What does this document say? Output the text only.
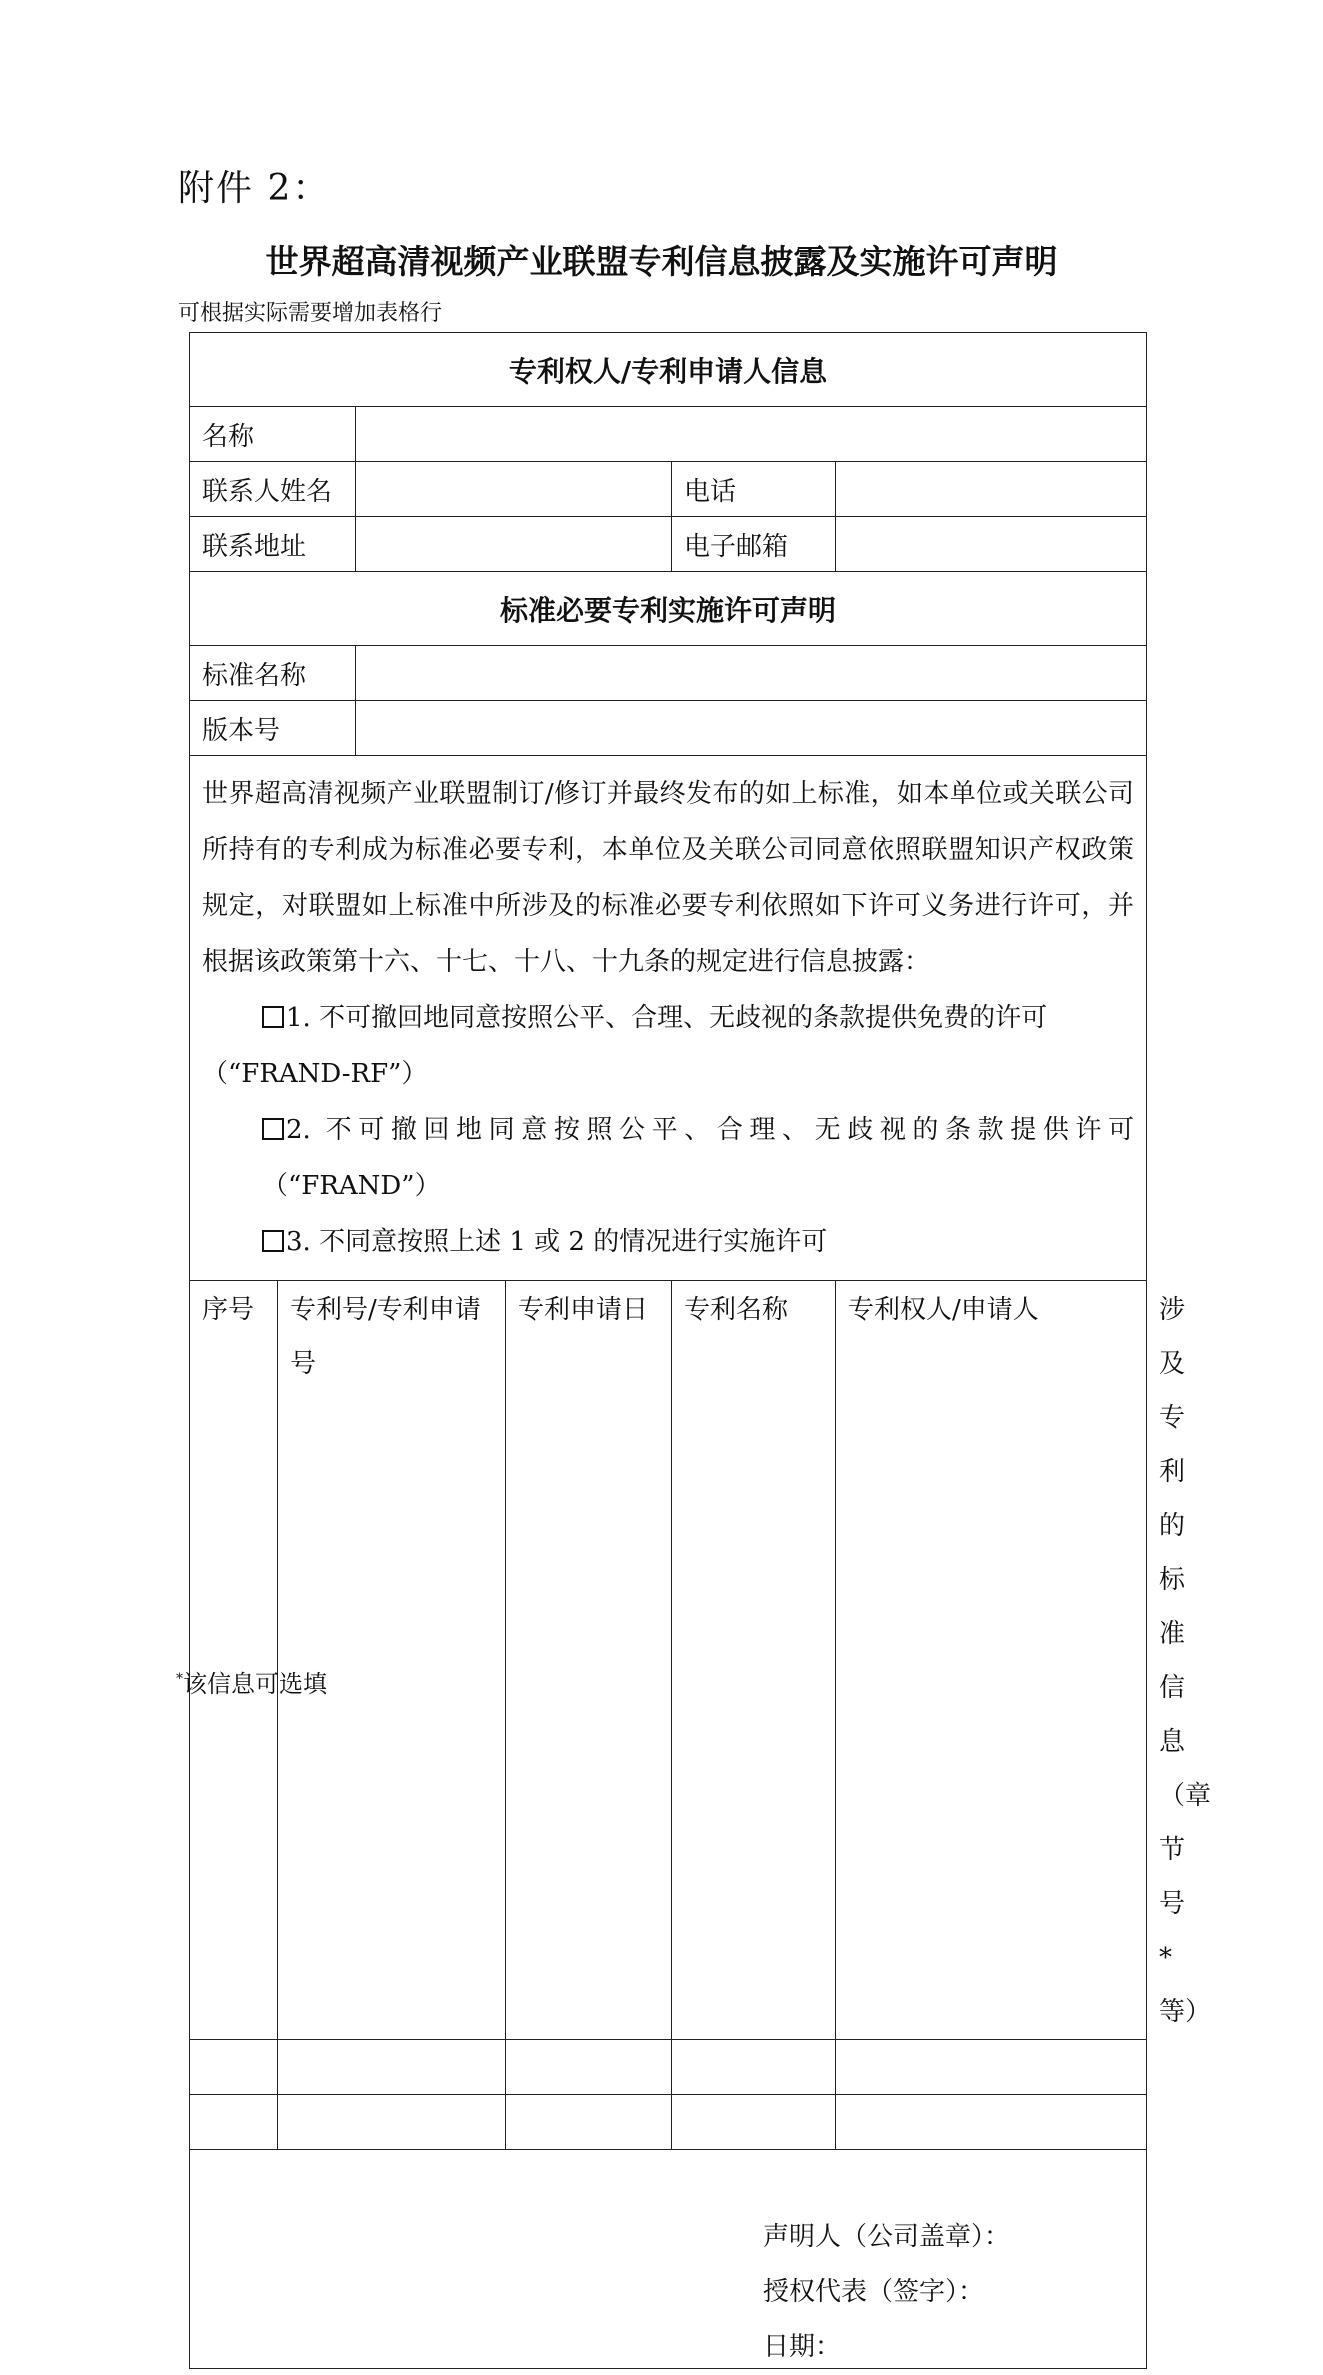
附件 2：
世界超高清视频产业联盟专利信息披露及实施许可声明
可根据实际需要增加表格行
专利权人/专利申请人信息						
名称						
联系人姓名				电话		
联系地址				电子邮箱		
标准必要专利实施许可声明						
标准名称						
版本号						
世界超高清视频产业联盟制订/修订并最终发布的如上标准，如本单位或关联公司所持有的专利成为标准必要专利，本单位及关联公司同意依照联盟知识产权政策规定，对联盟如上标准中所涉及的标准必要专利依照如下许可义务进行许可，并根据该政策第十六、十七、十八、十九条的规定进行信息披露：
1. 不可撤回地同意按照公平、合理、无歧视的条款提供免费的许可
（“FRAND-RF”）
2. 不可撤回地同意按照公平、合理、无歧视的条款提供许可（“FRAND”）
3. 不同意按照上述 1 或 2 的情况进行实施许可						

序号	专利号/专利申请号		专利申请日	专利名称	专利权人/申请人	涉及专利的标准信息（章节号*等）

声明人（公司盖章）：
授权代表（签字）：
日期：						
*该信息可选填
